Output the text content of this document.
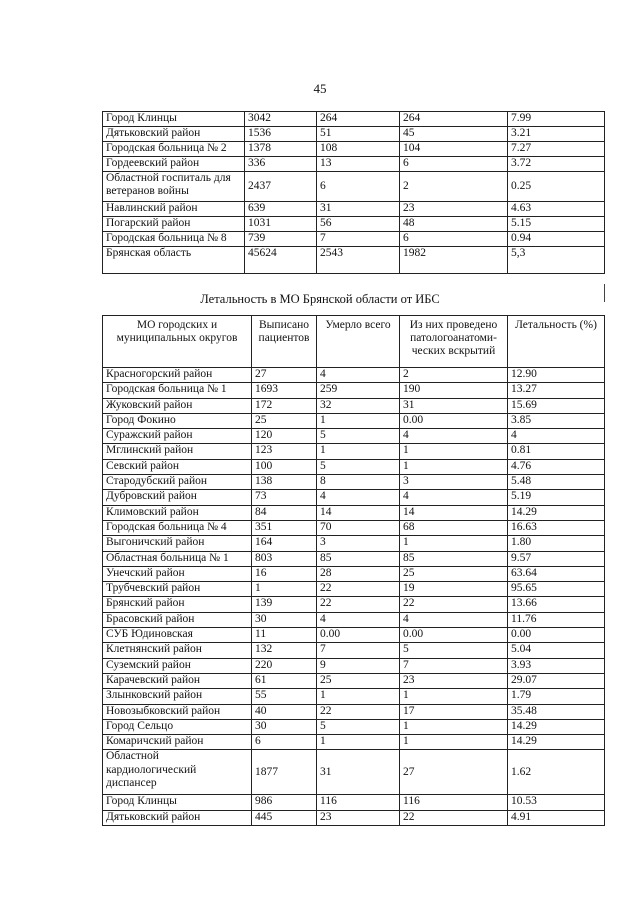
45
Город Клинцы	3042	264	264	7.99
Дятьковский район	1536	51	45	3.21
Городская больница № 2	1378	108	104	7.27
Гордеевский район	336	13	6	3.72
Областной госпиталь для ветеранов войны	2437	6	2	0.25
Навлинский район	639	31	23	4.63
Погарский район	1031	56	48	5.15
Городская больница № 8	739	7	6	0.94
Брянская область	45624	2543	1982	5,3
Летальность в МО Брянской области от ИБС
МО городских и муниципальных округов	Выписано пациентов	Умерло всего	Из них проведено патологоанатоми-ческих вскрытий	Летальность (%)
Красногорский район	27	4	2	12.90
Городская больница № 1	1693	259	190	13.27
Жуковский район	172	32	31	15.69
Город Фокино	25	1	0.00	3.85
Суражский район	120	5	4	4
Мглинский район	123	1	1	0.81
Севский район	100	5	1	4.76
Стародубский район	138	8	3	5.48
Дубровский район	73	4	4	5.19
Климовский район	84	14	14	14.29
Городская больница № 4	351	70	68	16.63
Выгоничский район	164	3	1	1.80
Областная больница № 1	803	85	85	9.57
Унечский район	16	28	25	63.64
Трубчевский район	1	22	19	95.65
Брянский район	139	22	22	13.66
Брасовский район	30	4	4	11.76
СУБ Юдиновская	11	0.00	0.00	0.00
Клетнянский район	132	7	5	5.04
Суземский район	220	9	7	3.93
Карачевский район	61	25	23	29.07
Злынковский район	55	1	1	1.79
Новозыбковский район	40	22	17	35.48
Город Сельцо	30	5	1	14.29
Комаричский район	6	1	1	14.29
Областной кардиологический диспансер	1877	31	27	1.62
Город Клинцы	986	116	116	10.53
Дятьковский район	445	23	22	4.91
